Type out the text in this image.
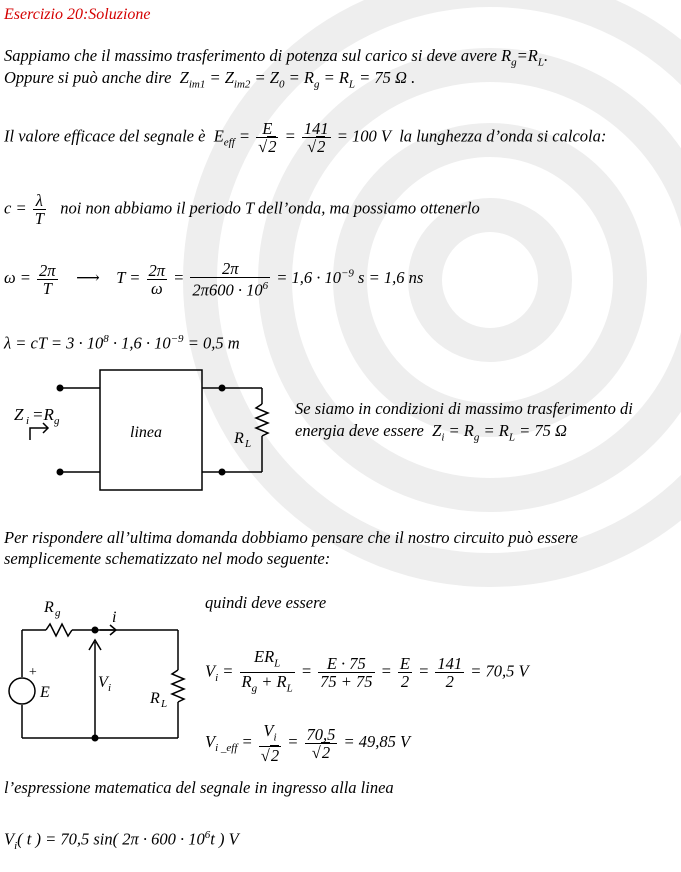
Esercizio 20:Soluzione
Sappiamo che il massimo trasferimento di potenza sul carico si deve avere $R_g=R_L$.
Oppure si può anche dire  $Z_{im1} = Z_{im2} = Z_0 = R_g = R_L = 75$ Ω .
Il valore efficace del segnale è  $E_{eff} = \frac{E}{√2} = \frac{141}{√2} = 100$ V la lunghezza d’onda si calcola:
$c = \frac{\lambda}{T}$ noi non abbiamo il periodo T dell’onda, ma possiamo ottenerlo
$\omega = \frac{2\pi}{T}$ ⟶ $T = \frac{2\pi}{\omega} = \frac{2\pi}{2\pi 600 \cdot 10^6} = 1,6 \cdot 10^{-9}$ s = 1,6 ns
λ = cT = $3 \cdot 10^8 \cdot 1,6 \cdot 10^{-9} = 0,5$ m
Z i =R g
linea	R L
Se siamo in condizioni di massimo trasferimento di
energia deve essere  $Z_i = R_g = R_L = 75$ Ω
Per rispondere all’ultima domanda dobbiamo pensare che il nostro circuito può essere
semplicemente schematizzato nel modo seguente:
R g	i
+
E
V i
R L
quindi deve essere
$V_i = \frac{ER_L}{R_g + R_L} = \frac{E \cdot 75}{75 + 75} = \frac{E}{2} = \frac{141}{2} = 70,5$ V
$V_{i \_eff} = \frac{V_i}{√2} = \frac{70,5}{√2} = 49,85$ V
l’espressione matematica del segnale in ingresso alla linea
$V_i$( t ) = 70,5 sin( $2\pi \cdot 600 \cdot 10^6t$ ) V
